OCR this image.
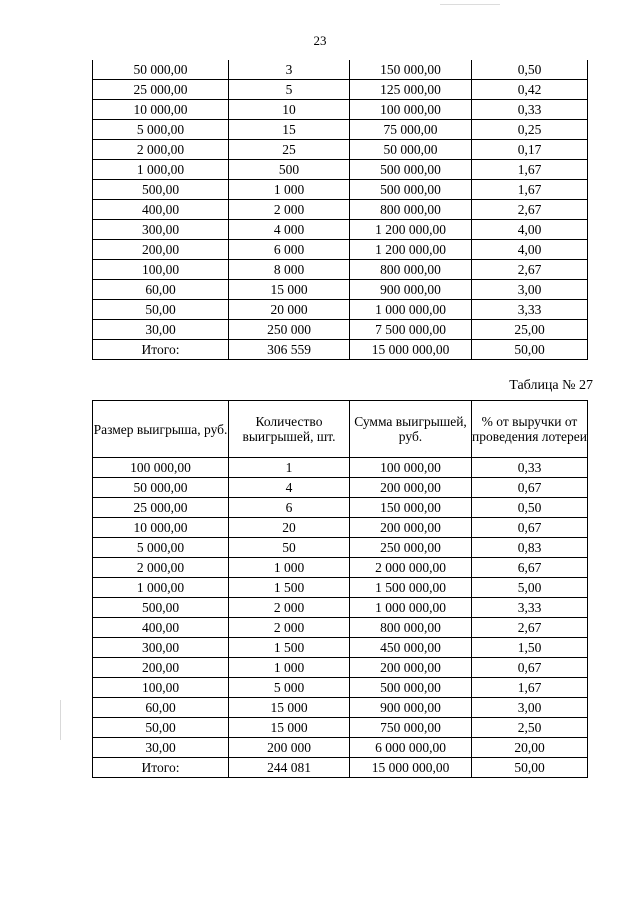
23
50 000,00	3	150 000,00	0,50
25 000,00	5	125 000,00	0,42
10 000,00	10	100 000,00	0,33
5 000,00	15	75 000,00	0,25
2 000,00	25	50 000,00	0,17
1 000,00	500	500 000,00	1,67
500,00	1 000	500 000,00	1,67
400,00	2 000	800 000,00	2,67
300,00	4 000	1 200 000,00	4,00
200,00	6 000	1 200 000,00	4,00
100,00	8 000	800 000,00	2,67
60,00	15 000	900 000,00	3,00
50,00	20 000	1 000 000,00	3,33
30,00	250 000	7 500 000,00	25,00
Итого:	306 559	15 000 000,00	50,00
Таблица № 27
Размер выигрыша, руб.	Количество выигрышей, шт.	Сумма выигрышей, руб.	% от выручки от проведения лотереи
100 000,00	1	100 000,00	0,33
50 000,00	4	200 000,00	0,67
25 000,00	6	150 000,00	0,50
10 000,00	20	200 000,00	0,67
5 000,00	50	250 000,00	0,83
2 000,00	1 000	2 000 000,00	6,67
1 000,00	1 500	1 500 000,00	5,00
500,00	2 000	1 000 000,00	3,33
400,00	2 000	800 000,00	2,67
300,00	1 500	450 000,00	1,50
200,00	1 000	200 000,00	0,67
100,00	5 000	500 000,00	1,67
60,00	15 000	900 000,00	3,00
50,00	15 000	750 000,00	2,50
30,00	200 000	6 000 000,00	20,00
Итого:	244 081	15 000 000,00	50,00
